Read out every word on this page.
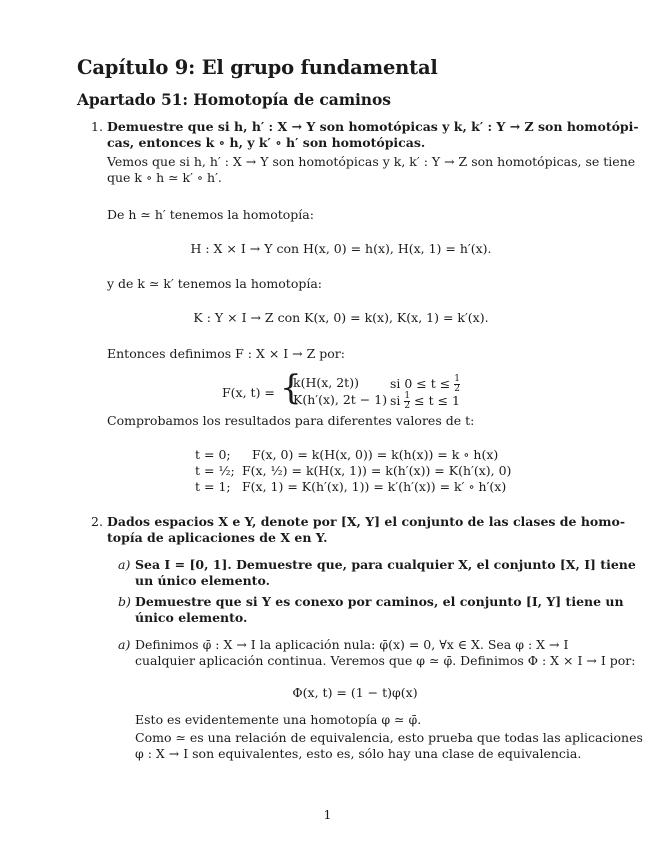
Capítulo 9: El grupo fundamental
Apartado 51: Homotopía de caminos
1. Demuestre que si h, h′ : X → Y son homotópicas y k, k′ : Y → Z son homotópi-
cas, entonces k ∘ h, y k′ ∘ h′ son homotópicas.
Vemos que si h, h′ : X → Y son homotópicas y k, k′ : Y → Z son homotópicas, se tiene
que k ∘ h ≃ k′ ∘ h′.
De h ≃ h′ tenemos la homotopía:
H : X × I → Y con H(x, 0) = h(x), H(x, 1) = h′(x).
y de k ≃ k′ tenemos la homotopía:
K : Y × I → Z con K(x, 0) = k(x), K(x, 1) = k′(x).
Entonces definimos F : X × I → Z por:
F(x, t) = {
k(H(x, 2t)) si $0 \le t \le \frac{1}{2}$
K(h′(x), 2t − 1) si $\frac{1}{2} \le t \le 1$
Comprobamos los resultados para diferentes valores de t:
t = 0; F(x, 0) = k(H(x, 0)) = k(h(x)) = k ∘ h(x)
t = ½; F(x, ½) = k(H(x, 1)) = k(h′(x)) = K(h′(x), 0)
t = 1; F(x, 1) = K(h′(x), 1)) = k′(h′(x)) = k′ ∘ h′(x)
2. Dados espacios X e Y, denote por [X, Y] el conjunto de las clases de homo-
topía de aplicaciones de X en Y.
a) Sea I = [0, 1]. Demuestre que, para cualquier X, el conjunto [X, I] tiene
un único elemento.
b) Demuestre que si Y es conexo por caminos, el conjunto [I, Y] tiene un
único elemento.
a) Definimos φ̄ : X → I la aplicación nula: φ̄(x) = 0, ∀x ∈ X. Sea φ : X → I
cualquier aplicación continua. Veremos que φ ≃ φ̄. Definimos Φ : X × I → I por:
Φ(x, t) = (1 − t)φ(x)
Esto es evidentemente una homotopía φ ≃ φ̄.
Como ≃ es una relación de equivalencia, esto prueba que todas las aplicaciones
φ : X → I son equivalentes, esto es, sólo hay una clase de equivalencia.
1
